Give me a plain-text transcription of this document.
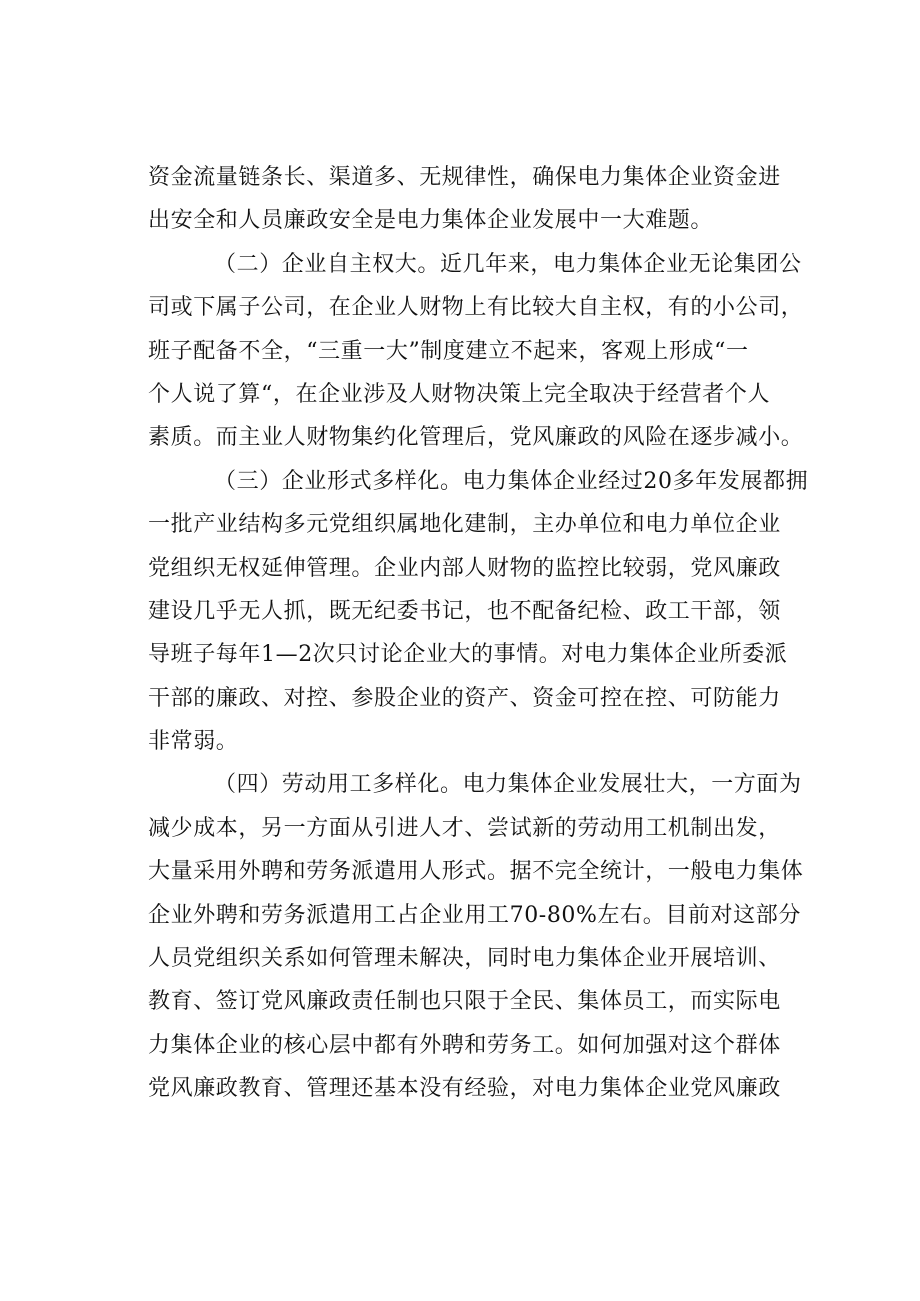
资金流量链条长、渠道多、无规律性，确保电力集体企业资金进
出安全和人员廉政安全是电力集体企业发展中一大难题。
（二）企业自主权大。近几年来，电力集体企业无论集团公
司或下属子公司，在企业人财物上有比较大自主权，有的小公司，
班子配备不全，“三重一大”制度建立不起来，客观上形成“一
个人说了算“，在企业涉及人财物决策上完全取决于经营者个人
素质。而主业人财物集约化管理后，党风廉政的风险在逐步减小。
（三）企业形式多样化。电力集体企业经过20多年发展都拥
一批产业结构多元党组织属地化建制，主办单位和电力单位企业
党组织无权延伸管理。企业内部人财物的监控比较弱，党风廉政
建设几乎无人抓，既无纪委书记，也不配备纪检、政工干部，领
导班子每年1—2次只讨论企业大的事情。对电力集体企业所委派
干部的廉政、对控、参股企业的资产、资金可控在控、可防能力
非常弱。
（四）劳动用工多样化。电力集体企业发展壮大，一方面为
减少成本，另一方面从引进人才、尝试新的劳动用工机制出发，
大量采用外聘和劳务派遣用人形式。据不完全统计，一般电力集体
企业外聘和劳务派遣用工占企业用工70-80%左右。目前对这部分
人员党组织关系如何管理未解决，同时电力集体企业开展培训、
教育、签订党风廉政责任制也只限于全民、集体员工，而实际电
力集体企业的核心层中都有外聘和劳务工。如何加强对这个群体
党风廉政教育、管理还基本没有经验，对电力集体企业党风廉政
